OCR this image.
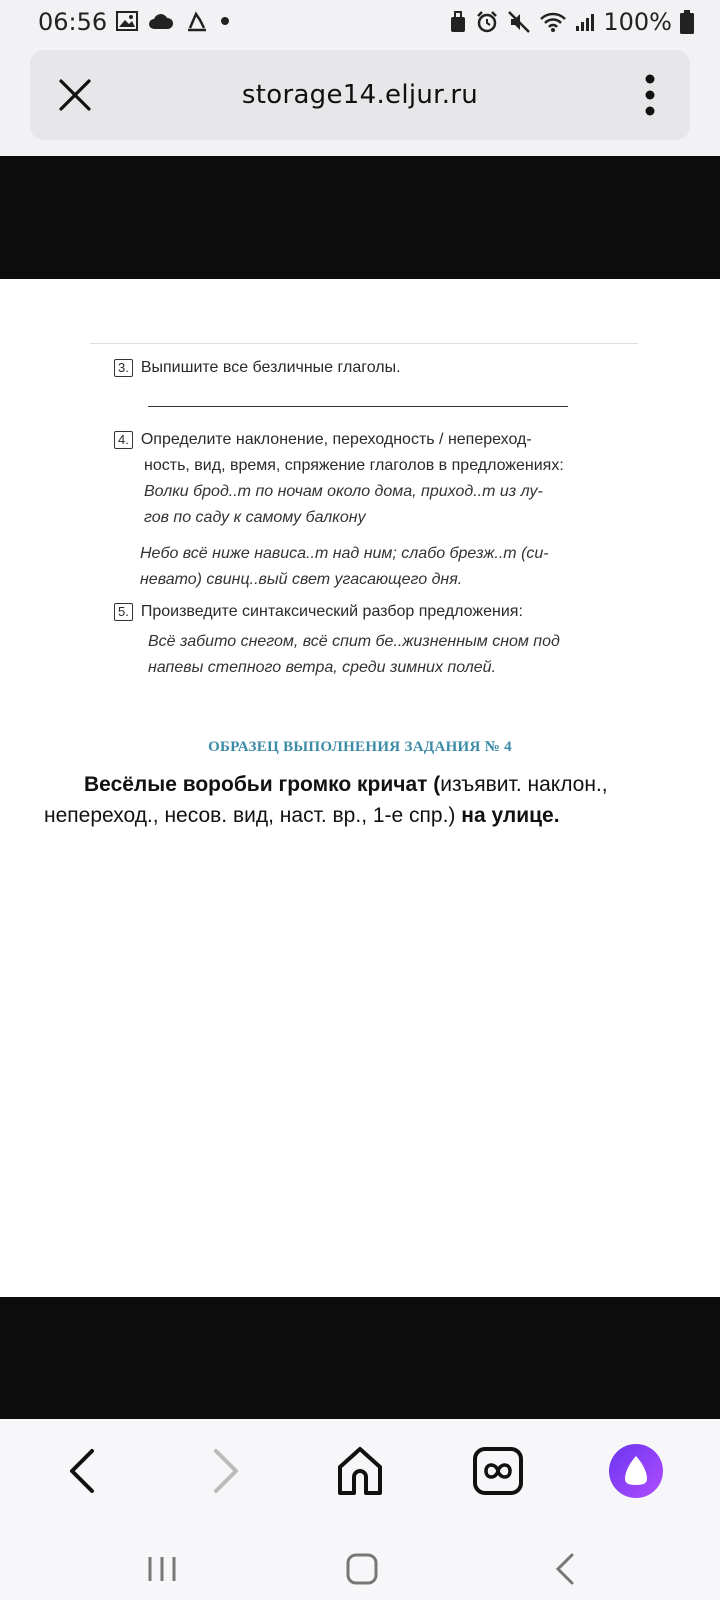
06:56	100%
storage14.eljur.ru
3. Выпишите все безличные глаголы.
4. Определите наклонение, переходность / непереход-
ность, вид, время, спряжение глаголов в предложениях:
Волки брод..т по ночам около дома, приход..т из лу-
гов по саду к самому балкону
Небо всё ниже нависа..т над ним; слабо брезж..т (си-
невато) свинц..вый свет угасающего дня.
5. Произведите синтаксический разбор предложения:
Всё забито снегом, всё спит бе..жизненным сном под
напевы степного ветра, среди зимних полей.
ОБРАЗЕЦ ВЫПОЛНЕНИЯ ЗАДАНИЯ № 4
Весёлые воробьи громко кричат (изъявит. наклон., непереход., несов. вид, наст. вр., 1-е спр.) на улице.
